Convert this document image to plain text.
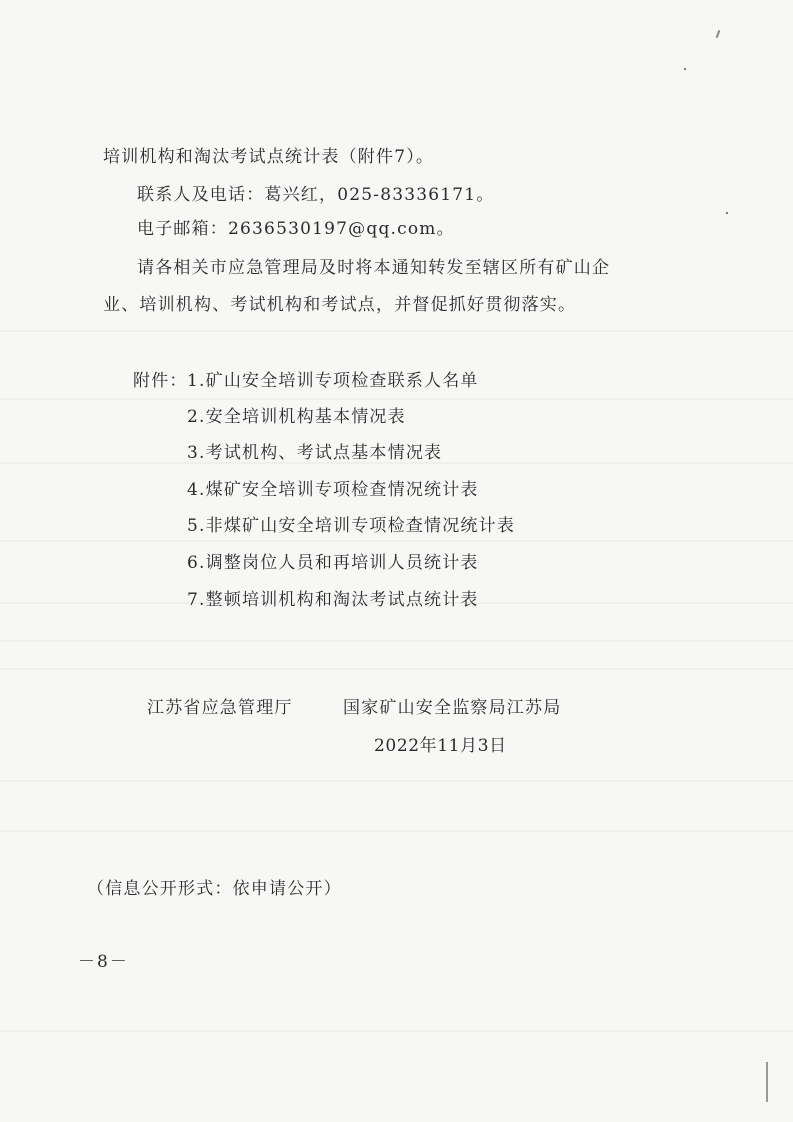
培训机构和淘汰考试点统计表（附件7）。
联系人及电话：葛兴红，025-83336171。
电子邮箱：2636530197@qq.com。
请各相关市应急管理局及时将本通知转发至辖区所有矿山企
业、培训机构、考试机构和考试点，并督促抓好贯彻落实。
附件： 1.矿山安全培训专项检查联系人名单
2.安全培训机构基本情况表
3.考试机构、考试点基本情况表
4.煤矿安全培训专项检查情况统计表
5.非煤矿山安全培训专项检查情况统计表
6.调整岗位人员和再培训人员统计表
7.整顿培训机构和淘汰考试点统计表
江苏省应急管理厅	国家矿山安全监察局江苏局
2022年11月3日
（信息公开形式：依申请公开）
－8－
